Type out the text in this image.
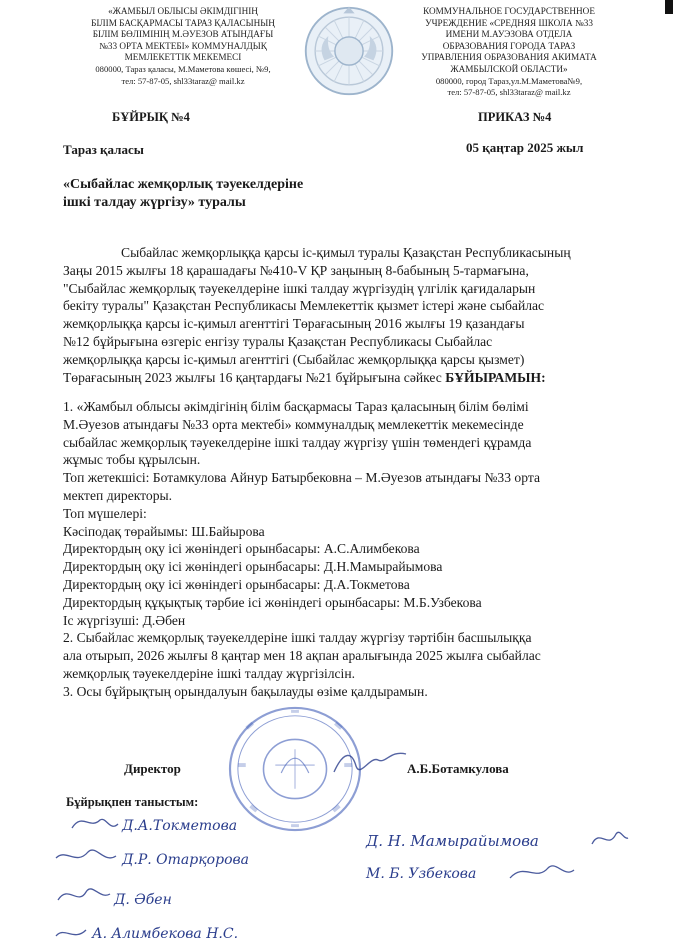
«ЖАМБЫЛ ОБЛЫСЫ ӘКІМДІГІНІҢ
БІЛІМ БАСҚАРМАСЫ ТАРАЗ ҚАЛАСЫНЫҢ
БІЛІМ БӨЛІМІНІҢ М.ӘУЕЗОВ АТЫНДАҒЫ
№33 ОРТА МЕКТЕБІ» КОММУНАЛДЫҚ
МЕМЛЕКЕТТІК МЕКЕМЕСІ
080000, Тараз қаласы, М.Маметова көшесі, №9,
тел: 57-87-05, shl33taraz@ mail.kz
КОММУНАЛЬНОЕ ГОСУДАРСТВЕННОЕ
УЧРЕЖДЕНИЕ «СРЕДНЯЯ ШКОЛА №33
ИМЕНИ М.АУЭЗОВА ОТДЕЛА
ОБРАЗОВАНИЯ ГОРОДА ТАРАЗ
УПРАВЛЕНИЯ ОБРАЗОВАНИЯ АКИМАТА
ЖАМБЫЛСКОЙ ОБЛАСТИ»
080000, город Тараз,ул.М.Маметова№9,
тел: 57-87-05, shl33taraz@ mail.kz
БҰЙРЫҚ №4	ПРИКАЗ №4
Тараз қаласы	05 қаңтар 2025 жыл
«Сыбайлас жемқорлық тәуекелдеріне
ішкі талдау жүргізу» туралы
Сыбайлас жемқорлыққа қарсы іс-қимыл туралы Қазақстан Республикасының
Заңы 2015 жылғы 18 қарашадағы №410-V ҚР заңының 8-бабының 5-тармағына,
"Сыбайлас жемқорлық тәуекелдеріне ішкі талдау жүргізудің үлгілік қағидаларын
бекіту туралы" Қазақстан Республикасы Мемлекеттік қызмет істері және сыбайлас
жемқорлыққа қарсы іс-қимыл агенттігі Төрағасының 2016 жылғы 19 қазандағы
№12 бұйрығына өзгеріс енгізу туралы Қазақстан Республикасы Сыбайлас
жемқорлыққа қарсы іс-қимыл агенттігі (Сыбайлас жемқорлыққа қарсы қызмет)
Төрағасының 2023 жылғы 16 қаңтардағы №21 бұйрығына сәйкес БҰЙЫРАМЫН:
1. «Жамбыл облысы әкімдігінің білім басқармасы Тараз қаласының білім бөлімі
М.Әуезов атындағы №33 орта мектебі» коммуналдық мемлекеттік мекемесінде
сыбайлас жемқорлық тәуекелдеріне ішкі талдау жүргізу үшін төмендегі құрамда
жұмыс тобы құрылсын.
Топ жетекшісі: Ботамкулова Айнур Батырбековна – М.Әуезов атындағы №33 орта
мектеп директоры.
Топ мүшелері:
Кәсіподақ төрайымы: Ш.Байырова
Директордың оқу ісі жөніндегі орынбасары: А.С.Алимбекова
Директордың оқу ісі жөніндегі орынбасары: Д.Н.Мамырайымова
Директордың оқу ісі жөніндегі орынбасары: Д.А.Токметова
Директордың құқықтық тәрбие ісі жөніндегі орынбасары: М.Б.Узбекова
Іс жүргізуші: Д.Әбен
2. Сыбайлас жемқорлық тәуекелдеріне ішкі талдау жүргізу тәртібін басшылыққа
ала отырып, 2026 жылғы 8 қаңтар мен 18 ақпан аралығында 2025 жылға сыбайлас
жемқорлық тәуекелдеріне ішкі талдау жүргізілсін.
3. Осы бұйрықтың орындалуын бақылауды өзіме қалдырамын.
Директор	А.Б.Ботамкулова
Бұйрықпен таныстым:
Д.А.Токметова
Д.Р. Отарқорова
Д. Әбен
А. Алимбекова Н.С.
Д. Н. Мамырайымова
М. Б. Узбекова
